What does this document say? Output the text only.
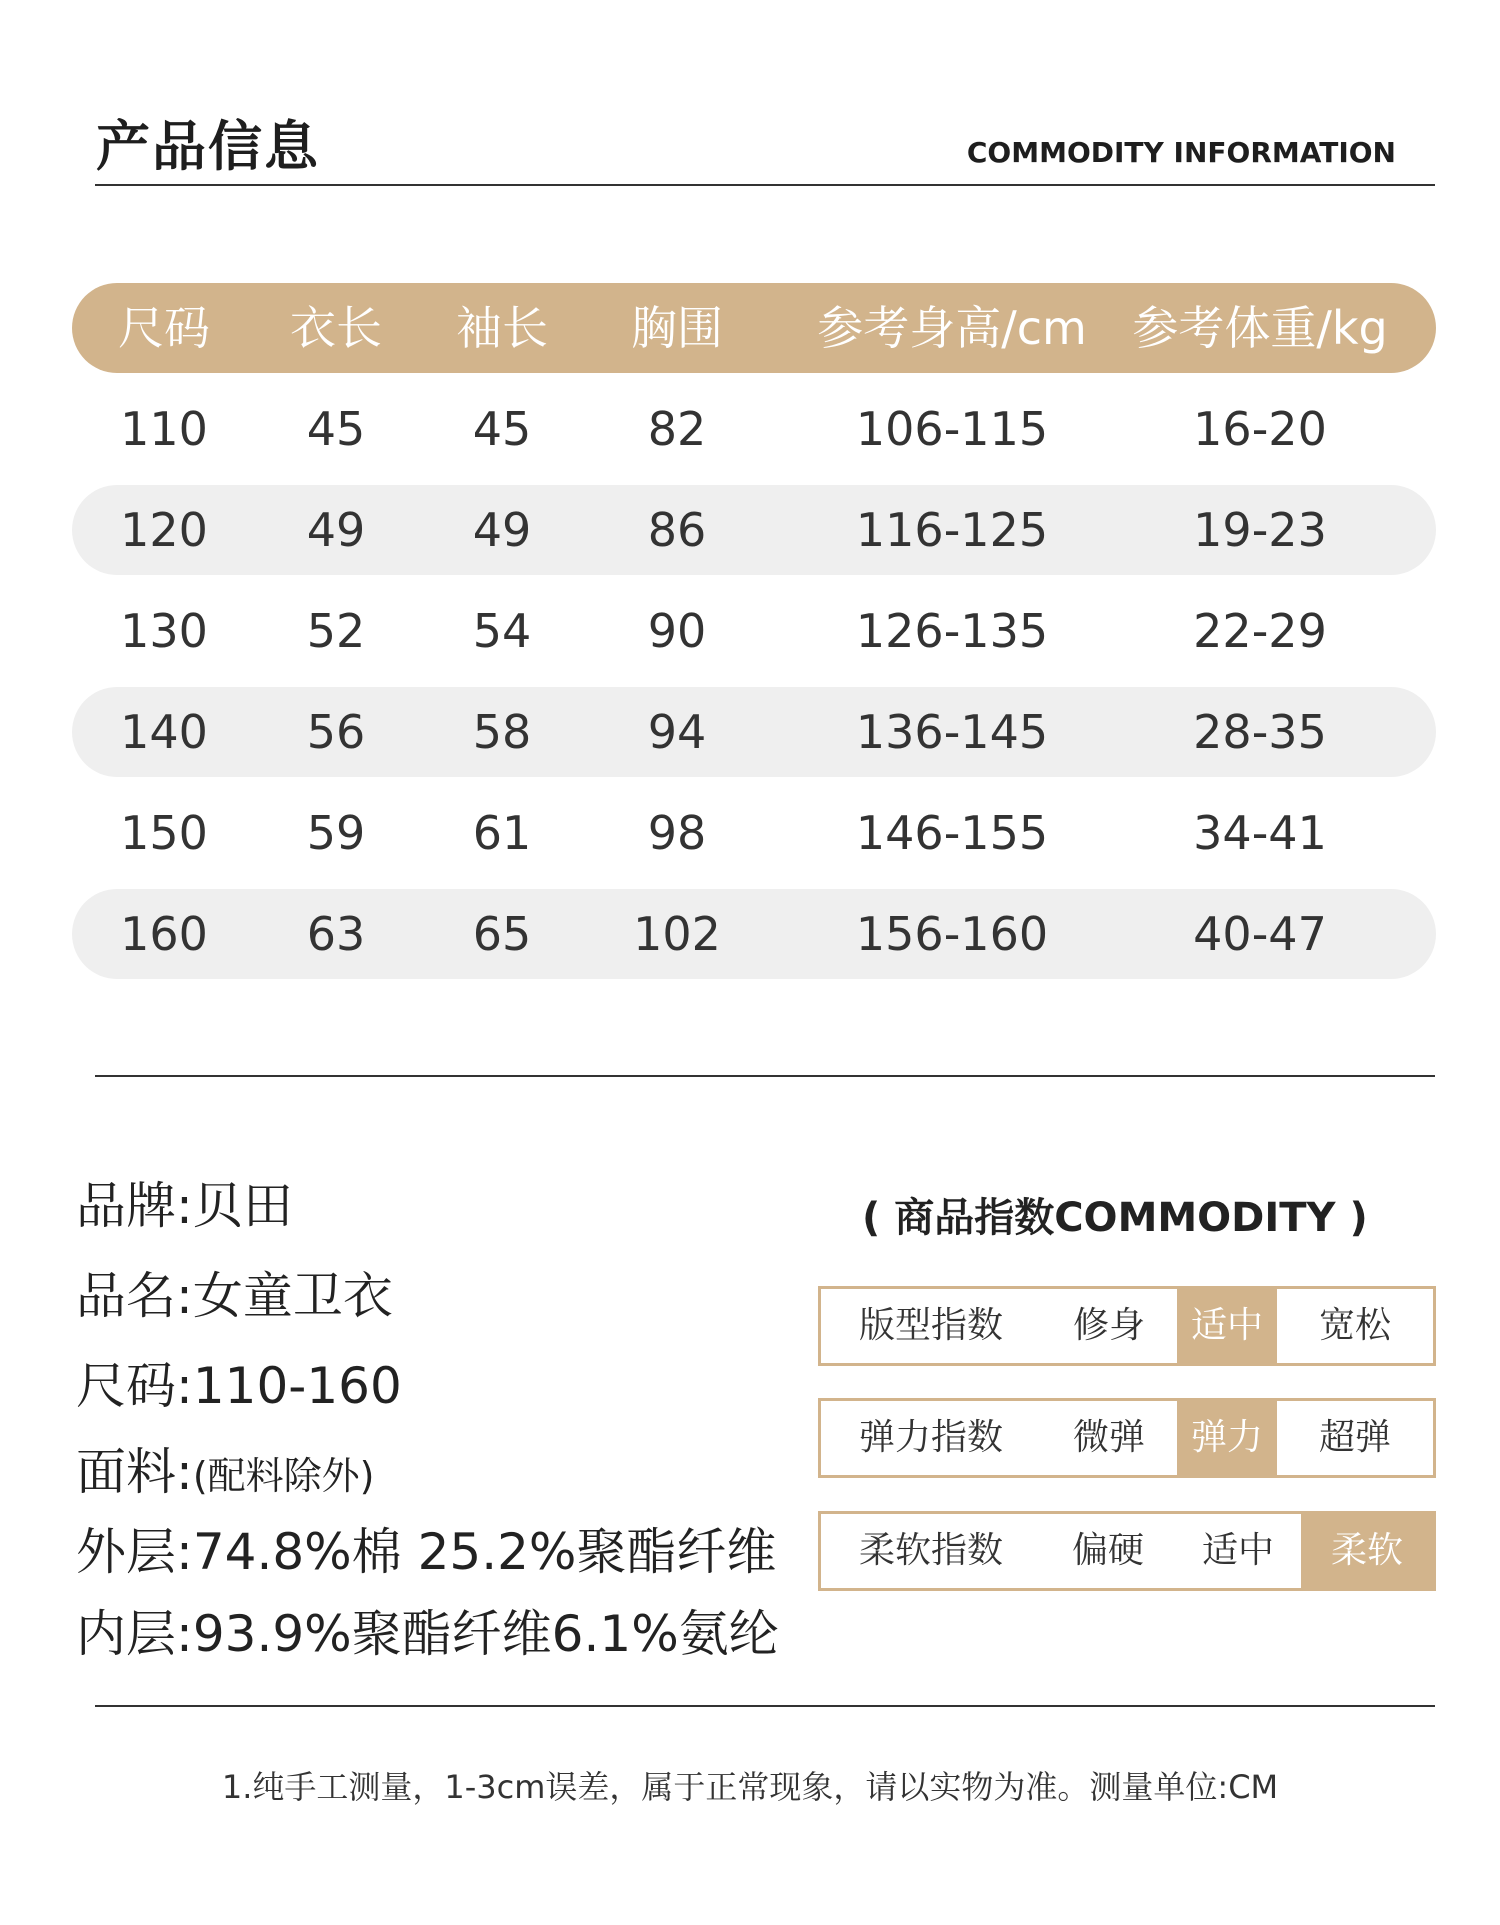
产品信息	COMMODITY INFORMATION
尺码 衣长 袖长 胸围 参考身高/cm 参考体重/kg
110 45 45	82	106-115	16-20
120 49 49	86	116-125	19-23
130 52 54	90	126-135	22-29
140 56 58	94	136-145	28-35
150 59 61	98	146-155	34-41
160 63 65 102	156-160	40-47
品牌:贝田
品名:女童卫衣
尺码:110-160
面料:(配料除外)
外层:74.8%棉 25.2%聚酯纤维
内层:93.9%聚酯纤维6.1%氨纶
( 商品指数COMMODITY )
版型指数	修身	适中	宽松
弹力指数	微弹	弹力	超弹
柔软指数	偏硬	适中	柔软
1.纯手工测量，1-3cm误差，属于正常现象，请以实物为准。测量单位:CM
